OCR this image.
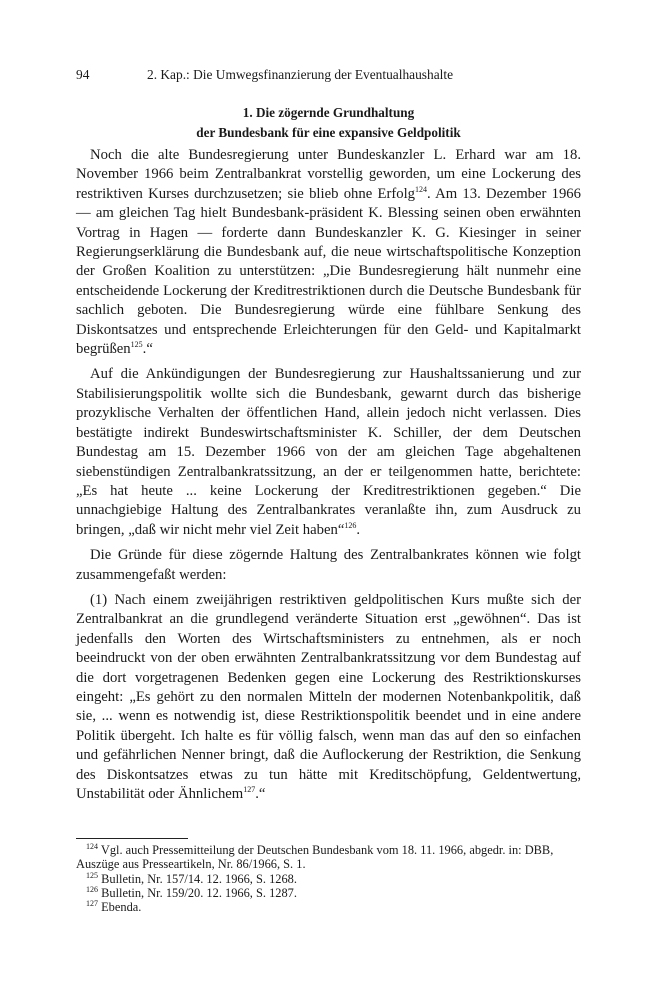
94	2. Kap.: Die Umwegsfinanzierung der Eventualhaushalte
1. Die zögernde Grundhaltung
der Bundesbank für eine expansive Geldpolitik

Noch die alte Bundesregierung unter Bundeskanzler L. Erhard war am 18. November 1966 beim Zentralbankrat vorstellig geworden, um eine Lockerung des restriktiven Kurses durchzusetzen; sie blieb ohne Erfolg$^{124}$. Am 13. Dezember 1966 — am gleichen Tag hielt Bundesbank-präsident K. Blessing seinen oben erwähnten Vortrag in Hagen — forderte dann Bundeskanzler K. G. Kiesinger in seiner Regierungserklärung die Bundesbank auf, die neue wirtschaftspolitische Konzeption der Großen Koalition zu unterstützen: „Die Bundesregierung hält nunmehr eine entscheidende Lockerung der Kreditrestriktionen durch die Deutsche Bundesbank für sachlich geboten. Die Bundesregierung würde eine fühlbare Senkung des Diskontsatzes und entsprechende Erleichterungen für den Geld- und Kapitalmarkt begrüßen$^{125}$.“

Auf die Ankündigungen der Bundesregierung zur Haushaltssanierung und zur Stabilisierungspolitik wollte sich die Bundesbank, gewarnt durch das bisherige prozyklische Verhalten der öffentlichen Hand, allein jedoch nicht verlassen. Dies bestätigte indirekt Bundeswirtschaftsminister K. Schiller, der dem Deutschen Bundestag am 15. Dezember 1966 von der am gleichen Tage abgehaltenen siebenstündigen Zentralbankratssitzung, an der er teilgenommen hatte, berichtete: „Es hat heute ... keine Lockerung der Kreditrestriktionen gegeben.“ Die unnachgiebige Haltung des Zentralbankrates veranlaßte ihn, zum Ausdruck zu bringen, „daß wir nicht mehr viel Zeit haben“$^{126}$.

Die Gründe für diese zögernde Haltung des Zentralbankrates können wie folgt zusammengefaßt werden:

(1) Nach einem zweijährigen restriktiven geldpolitischen Kurs mußte sich der Zentralbankrat an die grundlegend veränderte Situation erst „gewöhnen“. Das ist jedenfalls den Worten des Wirtschaftsministers zu entnehmen, als er noch beeindruckt von der oben erwähnten Zentralbankratssitzung vor dem Bundestag auf die dort vorgetragenen Bedenken gegen eine Lockerung des Restriktionskurses eingeht: „Es gehört zu den normalen Mitteln der modernen Notenbankpolitik, daß sie, ... wenn es notwendig ist, diese Restriktionspolitik beendet und in eine andere Politik übergeht. Ich halte es für völlig falsch, wenn man das auf den so einfachen und gefährlichen Nenner bringt, daß die Auflockerung der Restriktion, die Senkung des Diskontsatzes etwas zu tun hätte mit Kreditschöpfung, Geldentwertung, Unstabilität oder Ähnlichem$^{127}$.“

$^{124}$ Vgl. auch Pressemitteilung der Deutschen Bundesbank vom 18. 11. 1966, abgedr. in: DBB, Auszüge aus Presseartikeln, Nr. 86/1966, S. 1.
$^{125}$ Bulletin, Nr. 157/14. 12. 1966, S. 1268.
$^{126}$ Bulletin, Nr. 159/20. 12. 1966, S. 1287.
$^{127}$ Ebenda.
